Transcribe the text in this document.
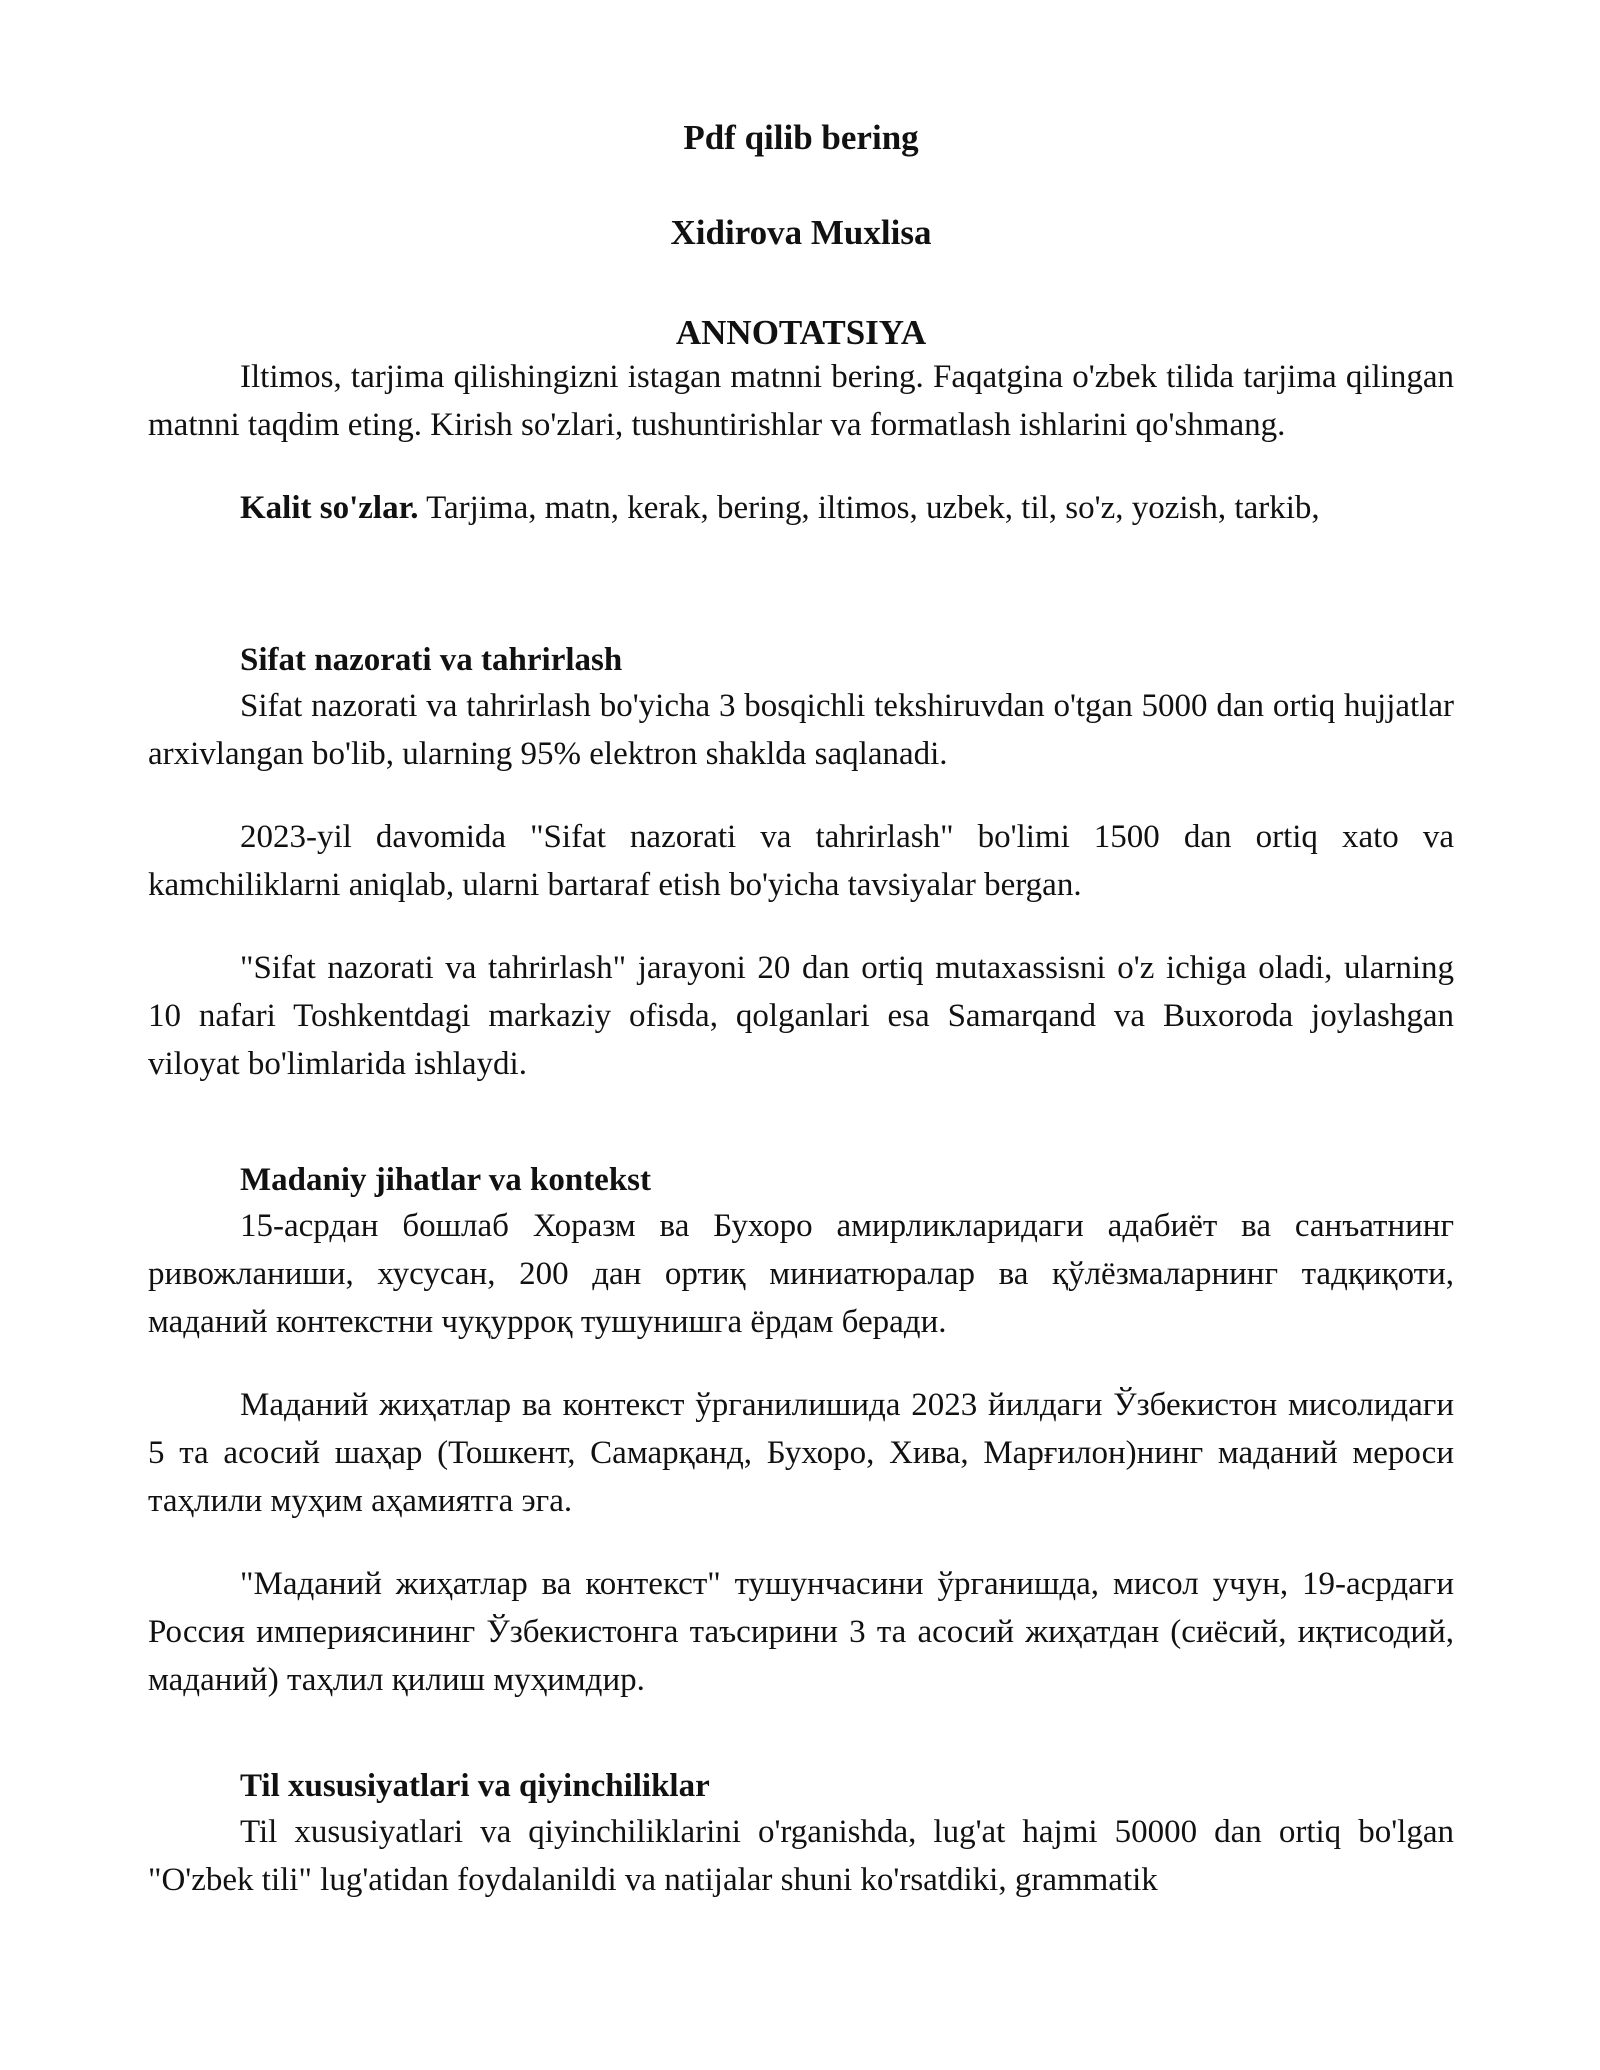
Pdf qilib bering
Xidirova Muxlisa
ANNOTATSIYA

Iltimos, tarjima qilishingizni istagan matnni bering. Faqatgina o'zbek tilida tarjima qilingan matnni taqdim eting. Kirish so'zlari, tushuntirishlar va formatlash ishlarini qo'shmang.

Kalit so'zlar. Tarjima, matn, kerak, bering, iltimos, uzbek, til, so'z, yozish, tarkib,

Sifat nazorati va tahrirlash

Sifat nazorati va tahrirlash bo'yicha 3 bosqichli tekshiruvdan o'tgan 5000 dan ortiq hujjatlar arxivlangan bo'lib, ularning 95% elektron shaklda saqlanadi.

2023-yil davomida "Sifat nazorati va tahrirlash" bo'limi 1500 dan ortiq xato va kamchiliklarni aniqlab, ularni bartaraf etish bo'yicha tavsiyalar bergan.

"Sifat nazorati va tahrirlash" jarayoni 20 dan ortiq mutaxassisni o'z ichiga oladi, ularning 10 nafari Toshkentdagi markaziy ofisda, qolganlari esa Samarqand va Buxoroda joylashgan viloyat bo'limlarida ishlaydi.

Madaniy jihatlar va kontekst

15-асрдан бошлаб Хоразм ва Бухоро амирликларидаги адабиёт ва санъатнинг ривожланиши, хусусан, 200 дан ортиқ миниатюралар ва қўлёзмаларнинг тадқиқоти, маданий контекстни чуқурроқ тушунишга ёрдам беради.

Маданий жиҳатлар ва контекст ўрганилишида 2023 йилдаги Ўзбекистон мисолидаги 5 та асосий шаҳар (Тошкент, Самарқанд, Бухоро, Хива, Марғилон)нинг маданий мероси таҳлили муҳим аҳамиятга эга.

"Маданий жиҳатлар ва контекст" тушунчасини ўрганишда, мисол учун, 19-асрдаги Россия империясининг Ўзбекистонга таъсирини 3 та асосий жиҳатдан (сиёсий, иқтисодий, маданий) таҳлил қилиш муҳимдир.

Til xususiyatlari va qiyinchiliklar

Til xususiyatlari va qiyinchiliklarini o'rganishda, lug'at hajmi 50000 dan ortiq bo'lgan "O'zbek tili" lug'atidan foydalanildi va natijalar shuni ko'rsatdiki, grammatik
